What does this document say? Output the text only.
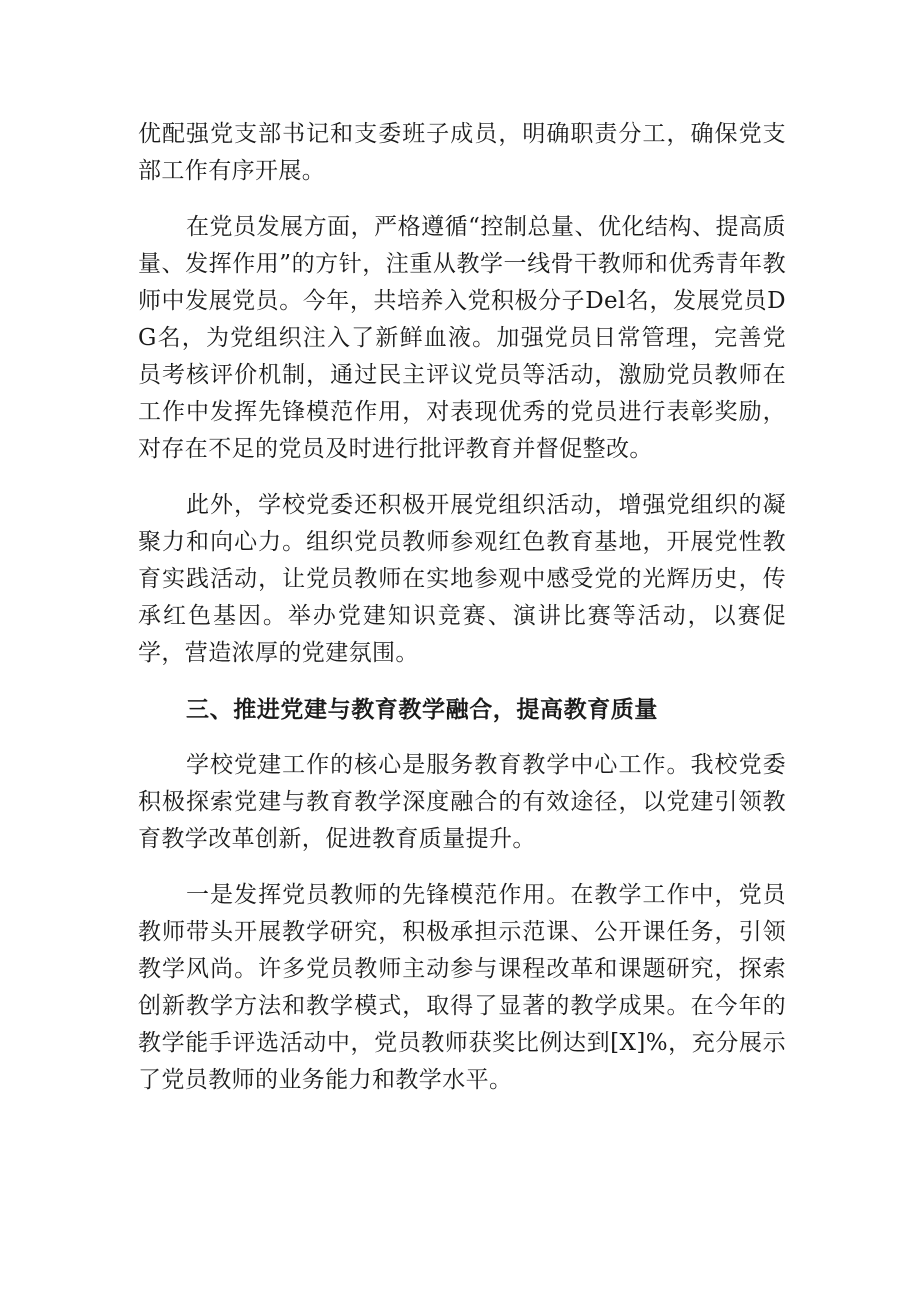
优配强党支部书记和支委班子成员，明确职责分工，确保党支部工作有序开展。

在党员发展方面，严格遵循“控制总量、优化结构、提高质量、发挥作用”的方针，注重从教学一线骨干教师和优秀青年教师中发展党员。今年，共培养入党积极分子Del名，发展党员DG名，为党组织注入了新鲜血液。加强党员日常管理，完善党员考核评价机制，通过民主评议党员等活动，激励党员教师在工作中发挥先锋模范作用，对表现优秀的党员进行表彰奖励，对存在不足的党员及时进行批评教育并督促整改。

此外，学校党委还积极开展党组织活动，增强党组织的凝聚力和向心力。组织党员教师参观红色教育基地，开展党性教育实践活动，让党员教师在实地参观中感受党的光辉历史，传承红色基因。举办党建知识竞赛、演讲比赛等活动，以赛促学，营造浓厚的党建氛围。

三、推进党建与教育教学融合，提高教育质量

学校党建工作的核心是服务教育教学中心工作。我校党委积极探索党建与教育教学深度融合的有效途径，以党建引领教育教学改革创新，促进教育质量提升。

一是发挥党员教师的先锋模范作用。在教学工作中，党员教师带头开展教学研究，积极承担示范课、公开课任务，引领教学风尚。许多党员教师主动参与课程改革和课题研究，探索创新教学方法和教学模式，取得了显著的教学成果。在今年的教学能手评选活动中，党员教师获奖比例达到[X]%，充分展示了党员教师的业务能力和教学水平。
